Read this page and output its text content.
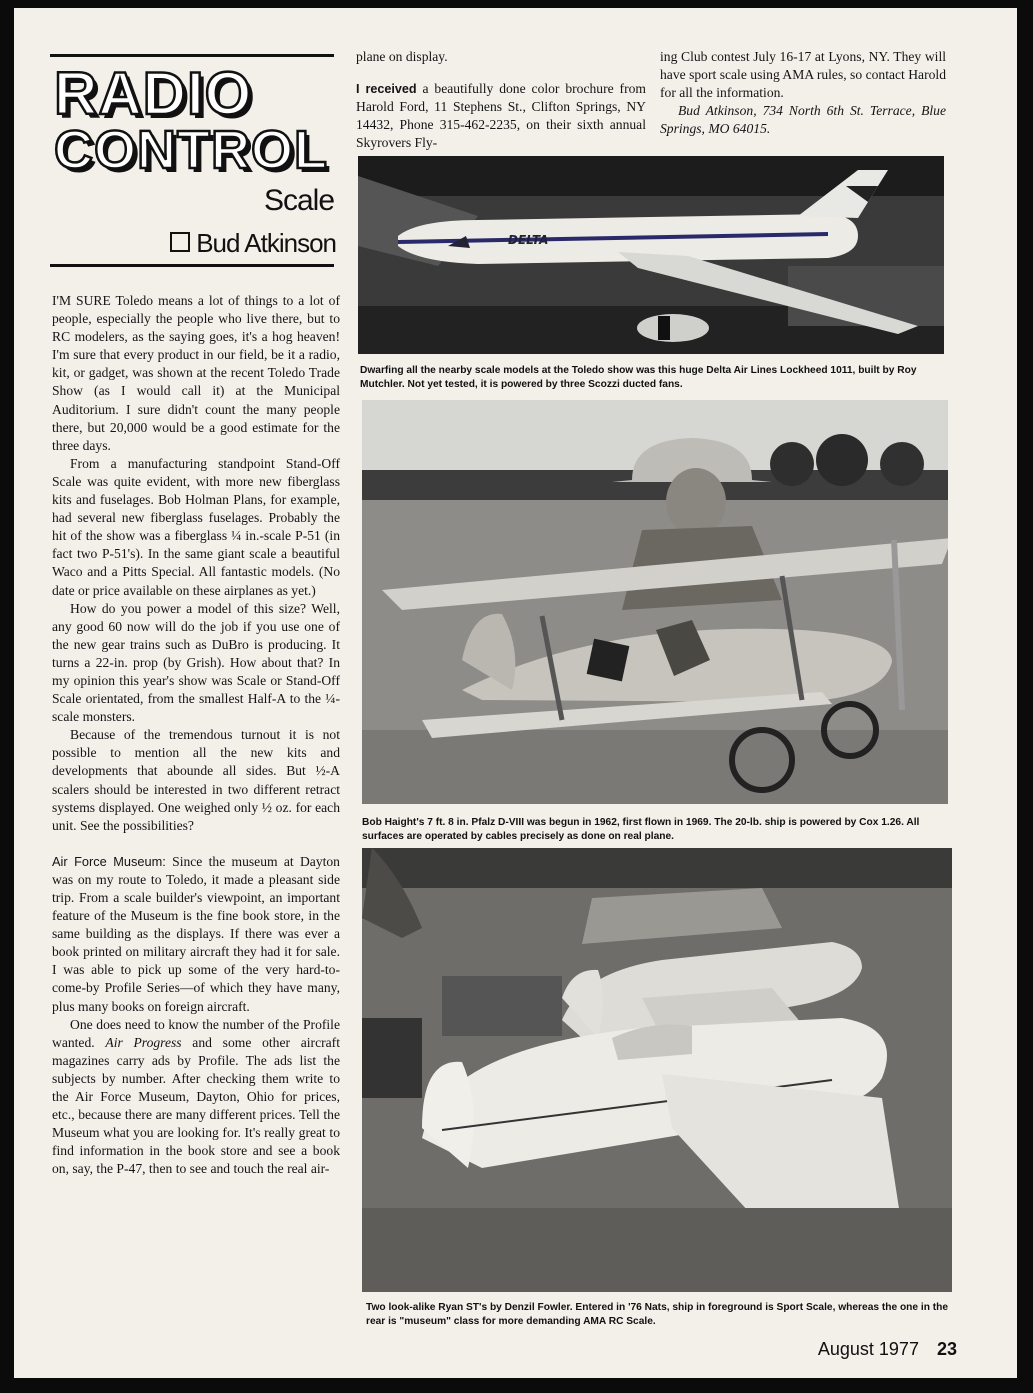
RADIO
CONTROL
Scale
Bud Atkinson

I'M SURE Toledo means a lot of things to a lot of people, especially the people who live there, but to RC modelers, as the saying goes, it's a hog heaven! I'm sure that every product in our field, be it a radio, kit, or gadget, was shown at the recent Toledo Trade Show (as I would call it) at the Municipal Auditorium. I sure didn't count the many people there, but 20,000 would be a good estimate for the three days.

From a manufacturing standpoint Stand-Off Scale was quite evident, with more new fiberglass kits and fuselages. Bob Holman Plans, for example, had several new fiberglass fuselages. Probably the hit of the show was a fiberglass ¼ in.-scale P-51 (in fact two P-51's). In the same giant scale a beautiful Waco and a Pitts Special. All fantastic models. (No date or price available on these airplanes as yet.)

How do you power a model of this size? Well, any good 60 now will do the job if you use one of the new gear trains such as DuBro is producing. It turns a 22-in. prop (by Grish). How about that? In my opinion this year's show was Scale or Stand-Off Scale orientated, from the smallest Half-A to the ¼-scale monsters.

Because of the tremendous turnout it is not possible to mention all the new kits and developments that abounde all sides. But ½-A scalers should be interested in two different retract systems displayed. One weighed only ½ oz. for each unit. See the possibilities?

Air Force Museum: Since the museum at Dayton was on my route to Toledo, it made a pleasant side trip. From a scale builder's viewpoint, an important feature of the Museum is the fine book store, in the same building as the displays. If there was ever a book printed on military aircraft they had it for sale. I was able to pick up some of the very hard-to-come-by Profile Series—of which they have many, plus many books on foreign aircraft.

One does need to know the number of the Profile wanted. Air Progress and some other aircraft magazines carry ads by Profile. The ads list the subjects by number. After checking them write to the Air Force Museum, Dayton, Ohio for prices, etc., because there are many different prices. Tell the Museum what you are looking for. It's really great to find information in the book store and see a book on, say, the P-47, then to see and touch the real air-

plane on display.

I received a beautifully done color brochure from Harold Ford, 11 Stephens St., Clifton Springs, NY 14432, Phone 315-462-2235, on their sixth annual Skyrovers Fly-

ing Club contest July 16-17 at Lyons, NY. They will have sport scale using AMA rules, so contact Harold for all the information.

Bud Atkinson, 734 North 6th St. Terrace, Blue Springs, MO 64015.

DELTA
Dwarfing all the nearby scale models at the Toledo show was this huge Delta Air Lines Lockheed 1011, built by Roy Mutchler. Not yet tested, it is powered by three Scozzi ducted fans.
Bob Haight's 7 ft. 8 in. Pfalz D-VIII was begun in 1962, first flown in 1969. The 20-lb. ship is powered by Cox 1.26. All surfaces are operated by cables precisely as done on real plane.
Two look-alike Ryan ST's by Denzil Fowler. Entered in '76 Nats, ship in foreground is Sport Scale, whereas the one in the rear is "museum" class for more demanding AMA RC Scale.
August 1977 23
